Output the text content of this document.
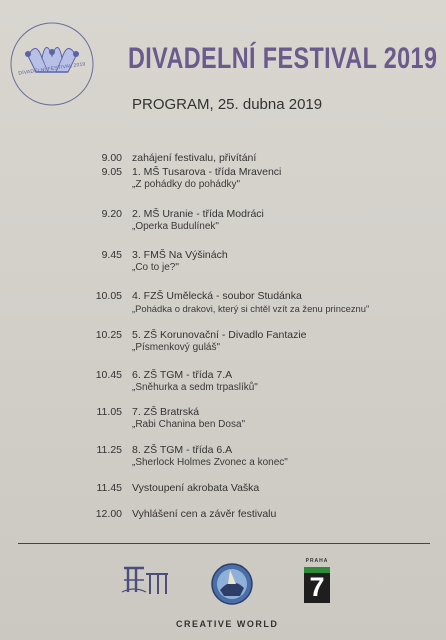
DIVADELNÍ FESTIVAL 2019 DIVADELNÍ FESTIVAL 2019
PROGRAM, 25. dubna 2019
9.00 zahájení festivalu, přivítání
9.05 1. MŠ Tusarova - třída Mravenci
„Z pohádky do pohádky"
9.20 2. MŠ Uranie - třída Modráci
„Operka Budulínek"
9.45 3. FMŠ Na Výšinách
„Co to je?"
10.05 4. FZŠ Umělecká - soubor Studánka
„Pohádka o drakovi, který si chtěl vzít za ženu princeznu"
10.25 5. ZŠ Korunovační - Divadlo Fantazie
„Písmenkový guláš"
10.45 6. ZŠ TGM - třída 7.A
„Sněhurka a sedm trpaslíků"
11.05 7. ZŠ Bratrská
„Rabi Chanina ben Dosa"
11.25 8. ZŠ TGM - třída 6.A
„Sherlock Holmes Zvonec a konec"
11.45 Vystoupení akrobata Vaška
12.00 Vyhlášení cen a závěr festivalu
PRAHA
7
CREATIVE WORLD
